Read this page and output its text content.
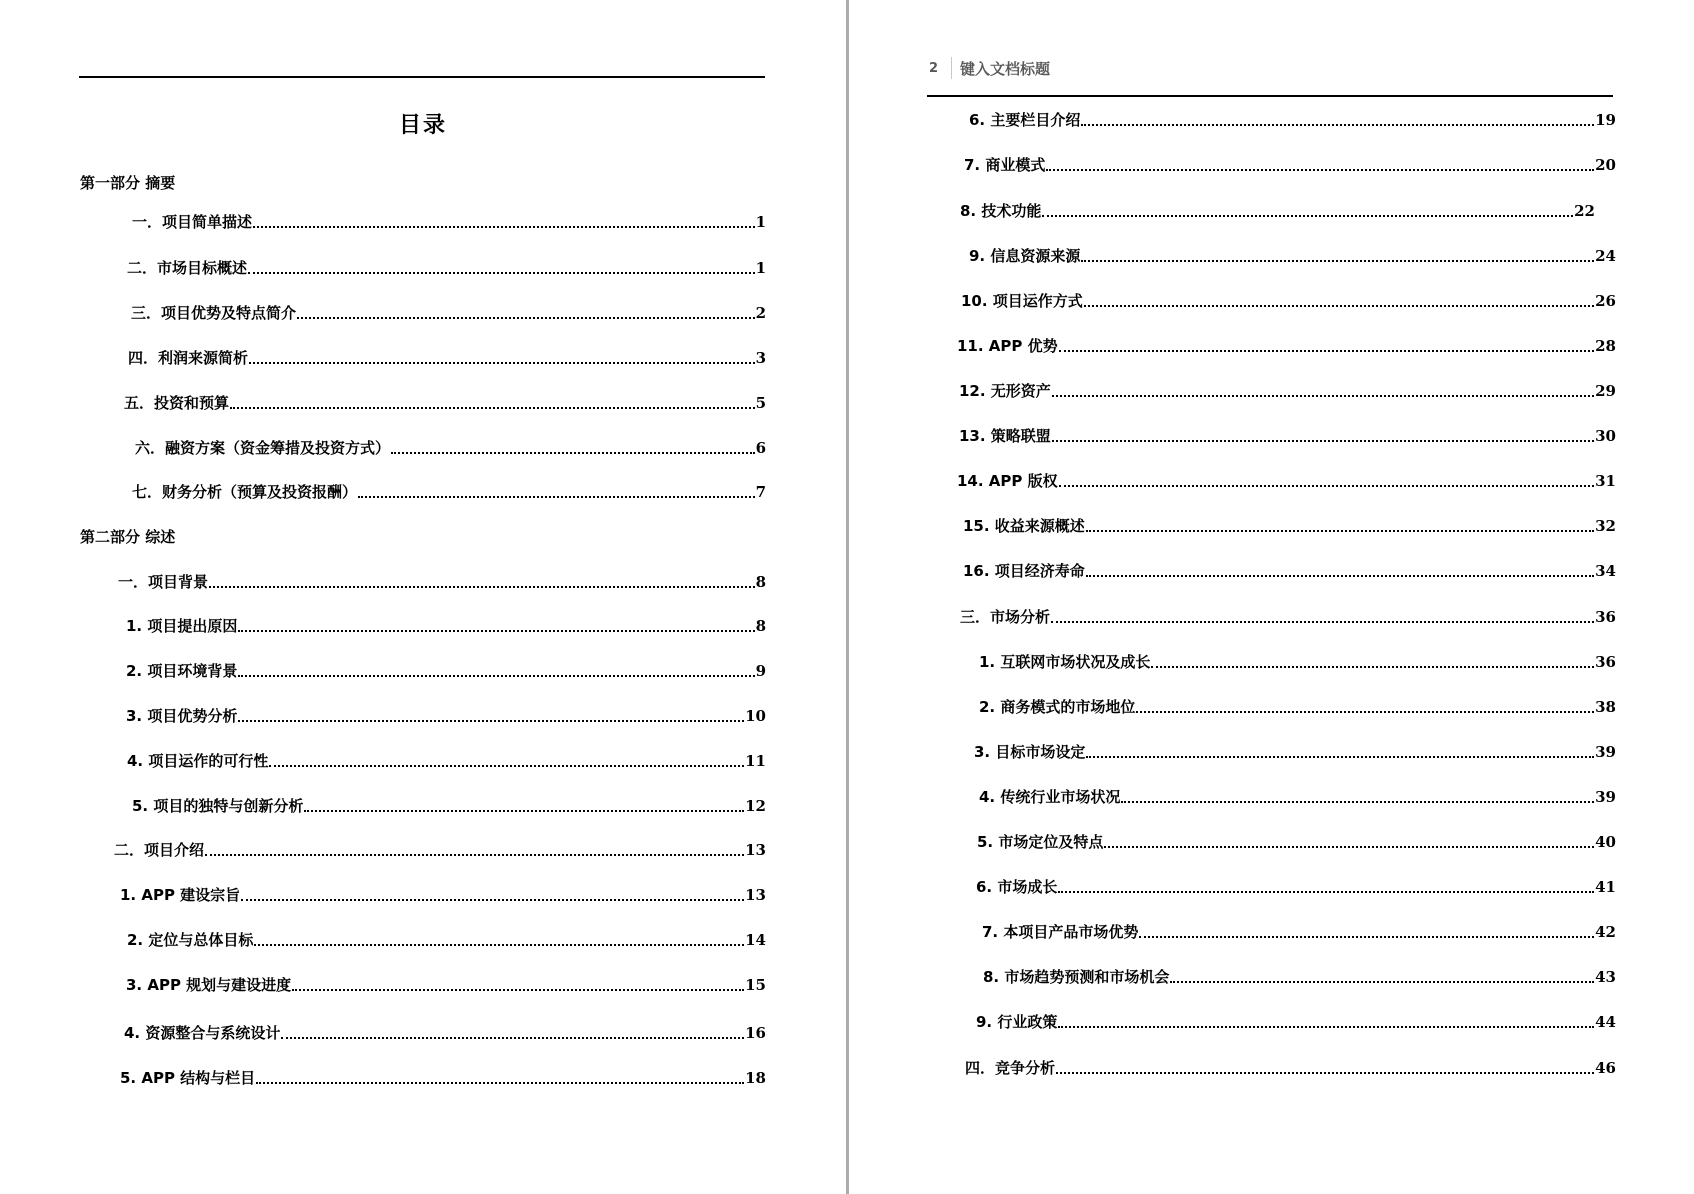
目录
第一部分 摘要
一．项目简单描述	1
二．市场目标概述	1
三．项目优势及特点简介	2
四．利润来源简析	3
五．投资和预算	5
六．融资方案（资金筹措及投资方式）	6
七．财务分析（预算及投资报酬）	7
第二部分 综述
一．项目背景	8
1. 项目提出原因	8
2. 项目环境背景	9
3. 项目优势分析	10
4. 项目运作的可行性	11
5. 项目的独特与创新分析	12
二．项目介绍	13
1. APP 建设宗旨	13
2. 定位与总体目标	14
3. APP 规划与建设进度	15
4. 资源整合与系统设计	16
5. APP 结构与栏目	18
2 键入文档标题
6. 主要栏目介绍	19
7. 商业模式	20
8. 技术功能	22
9. 信息资源来源	24
10. 项目运作方式	26
11. APP 优势	28
12. 无形资产	29
13. 策略联盟	30
14. APP 版权	31
15. 收益来源概述	32
16. 项目经济寿命	34
三．市场分析	36
1. 互联网市场状况及成长	36
2. 商务模式的市场地位	38
3. 目标市场设定	39
4. 传统行业市场状况	39
5. 市场定位及特点	40
6. 市场成长	41
7. 本项目产品市场优势	42
8. 市场趋势预测和市场机会	43
9. 行业政策	44
四．竞争分析	46
